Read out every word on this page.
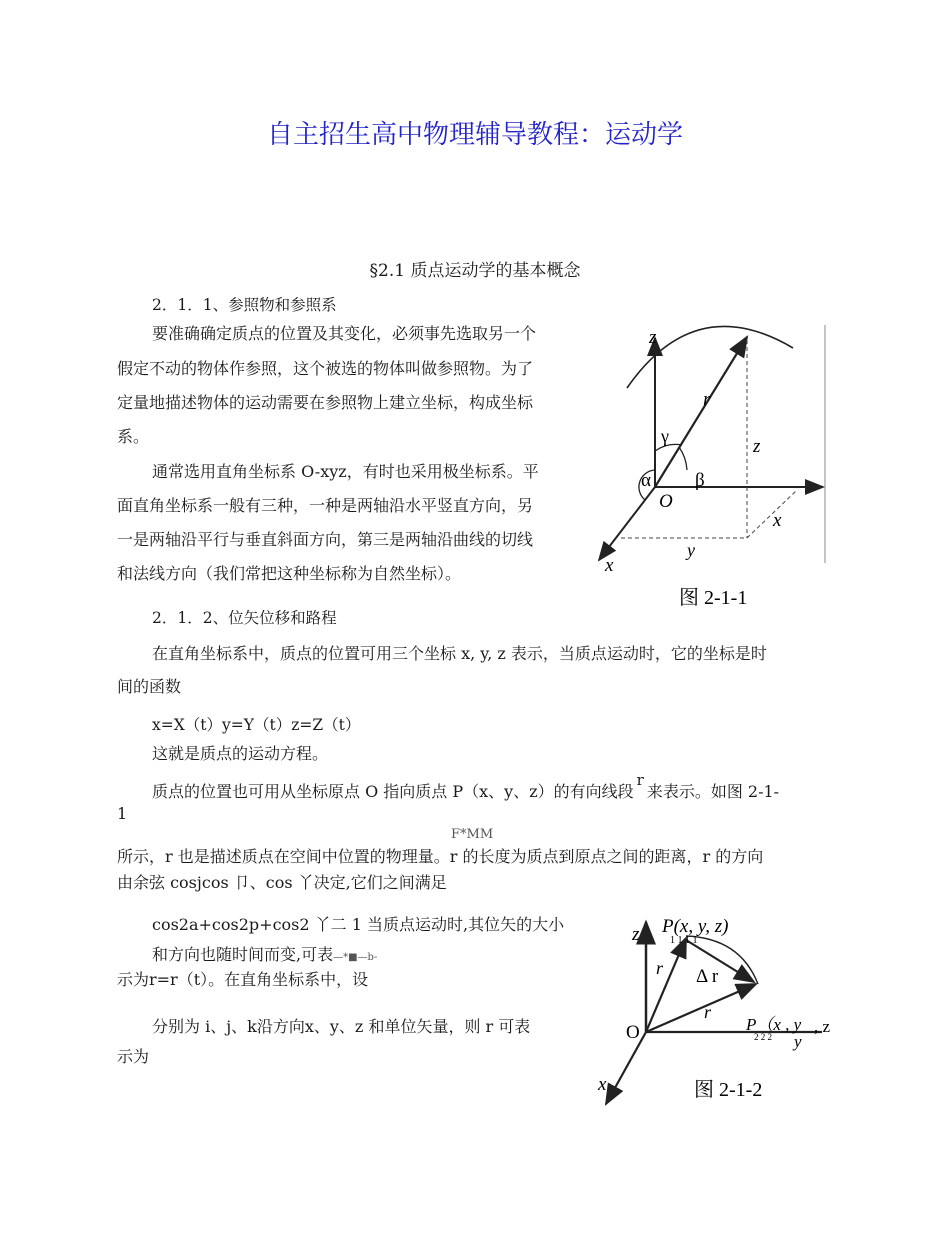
自主招生高中物理辅导教程：运动学
§2.1 质点运动学的基本概念
2．1．1、参照物和参照系
要准确确定质点的位置及其变化，必须事先选取另一个
假定不动的物体作参照，这个被选的物体叫做参照物。为了
定量地描述物体的运动需要在参照物上建立坐标，构成坐标
系。
通常选用直角坐标系 O-xyz，有时也采用极坐标系。平
面直角坐标系一般有三种，一种是两轴沿水平竖直方向，另
一是两轴沿平行与垂直斜面方向，第三是两轴沿曲线的切线
和法线方向（我们常把这种坐标称为自然坐标）。
z
r
γ	z
α β
O
x
y
x
图 2-1-1
2．1．2、位矢位移和路程
在直角坐标系中，质点的位置可用三个坐标 x, y, z 表示，当质点运动时，它的坐标是时
间的函数
x=X（t）y=Y（t）z=Z（t）
这就是质点的运动方程。
质点的位置也可用从坐标原点 O 指向质点 P（x、y、z）的有向线段r来表示。如图 2-1-
1
F*MM
所示，r 也是描述质点在空间中位置的物理量。r 的长度为质点到原点之间的距离，r 的方向
由余弦 cosjcos 卩、cos 丫决定,它们之间满足
cos2a+cos2p+cos2 丫二 1 当质点运动时,其位矢的大小
和方向也随时间而变,可表—*■—b-
示为r=r（t）。在直角坐标系中，设
分别为 i、j、k沿方向x、y、z 和单位矢量，则 r 可表
示为
P(x, y, z)
1 1 1 1
z
r Δ r
r
P（x , y
2 2 2 y
, z
O
x	图 2-1-2
